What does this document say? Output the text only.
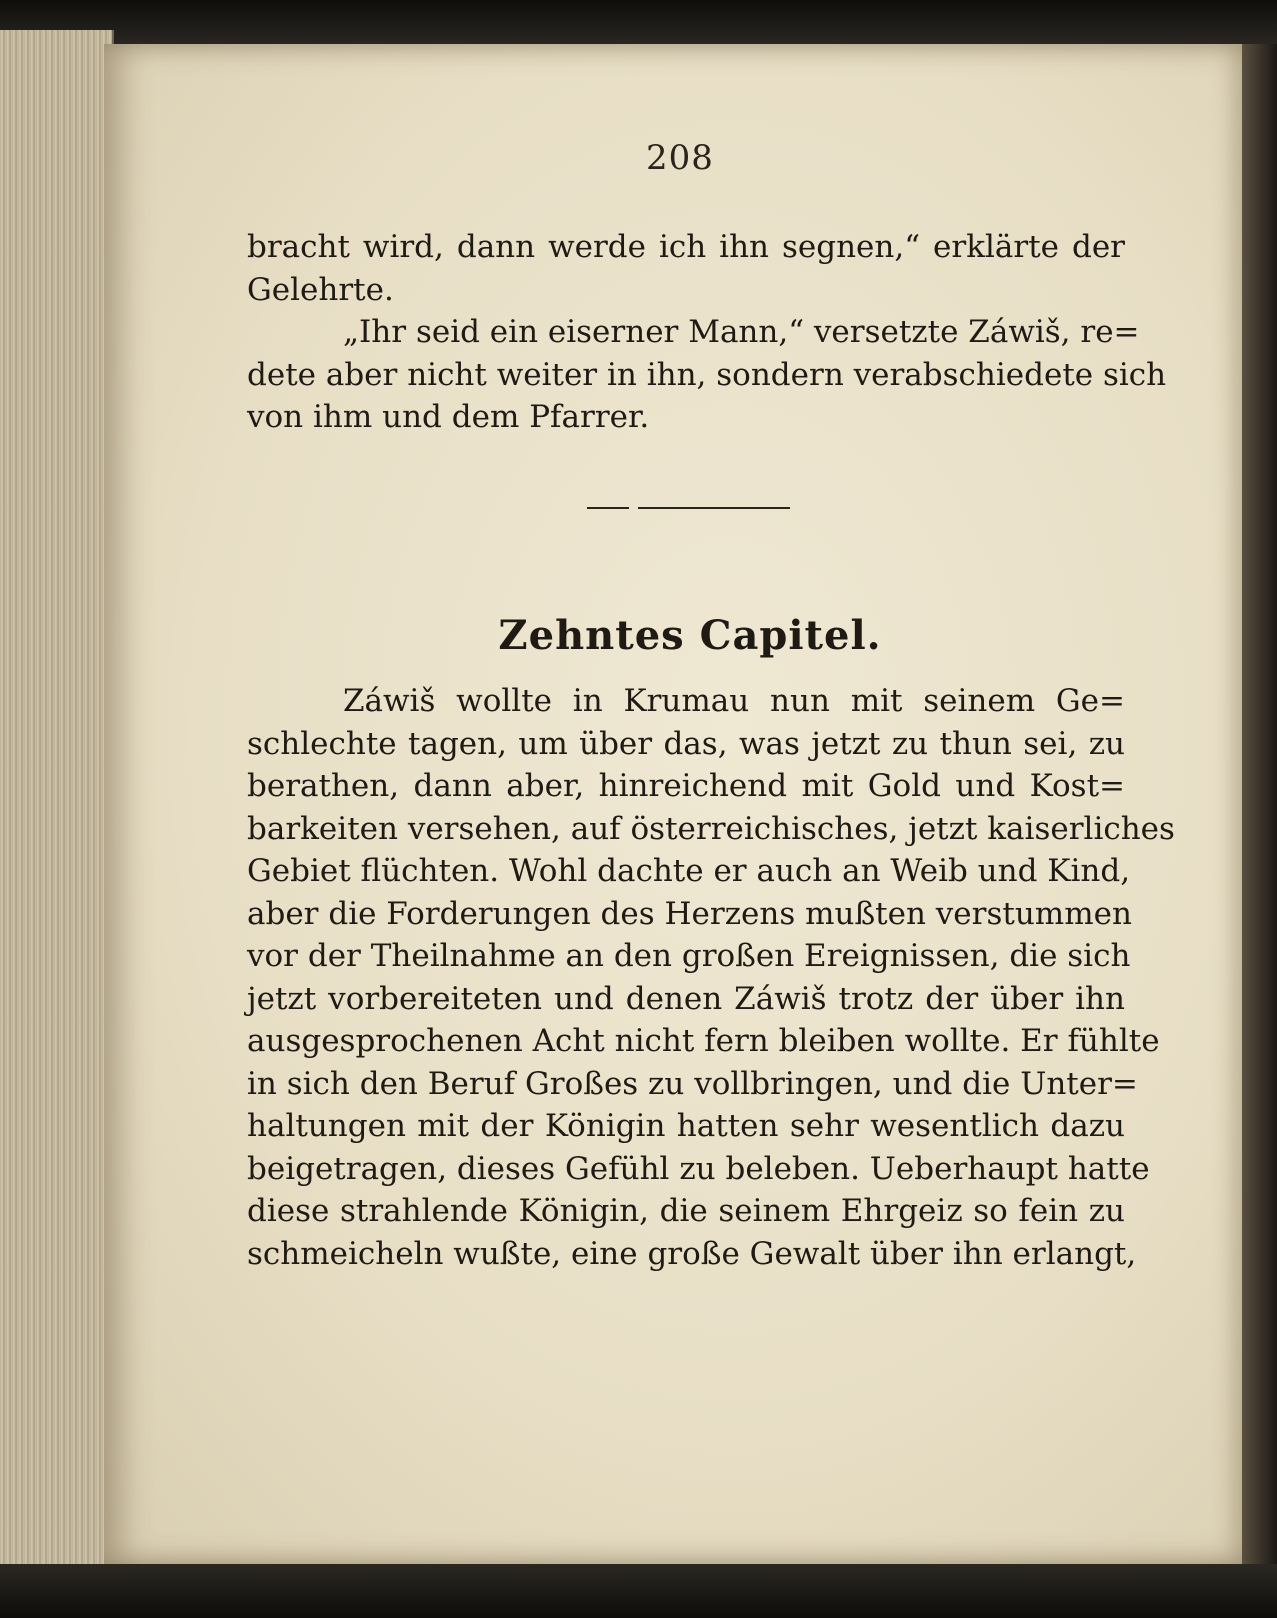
208
bracht wird, dann werde ich ihn segnen,“ erklärte der
Gelehrte.
„Ihr seid ein eiserner Mann,“ versetzte Záwiš, re=
dete aber nicht weiter in ihn, sondern verabschiedete sich
von ihm und dem Pfarrer.
Zehntes Capitel.
Záwiš wollte in Krumau nun mit seinem Ge=
schlechte tagen, um über das, was jetzt zu thun sei, zu
berathen, dann aber, hinreichend mit Gold und Kost=
barkeiten versehen, auf österreichisches, jetzt kaiserliches
Gebiet flüchten. Wohl dachte er auch an Weib und Kind,
aber die Forderungen des Herzens mußten verstummen
vor der Theilnahme an den großen Ereignissen, die sich
jetzt vorbereiteten und denen Záwiš trotz der über ihn
ausgesprochenen Acht nicht fern bleiben wollte. Er fühlte
in sich den Beruf Großes zu vollbringen, und die Unter=
haltungen mit der Königin hatten sehr wesentlich dazu
beigetragen, dieses Gefühl zu beleben. Ueberhaupt hatte
diese strahlende Königin, die seinem Ehrgeiz so fein zu
schmeicheln wußte, eine große Gewalt über ihn erlangt,
